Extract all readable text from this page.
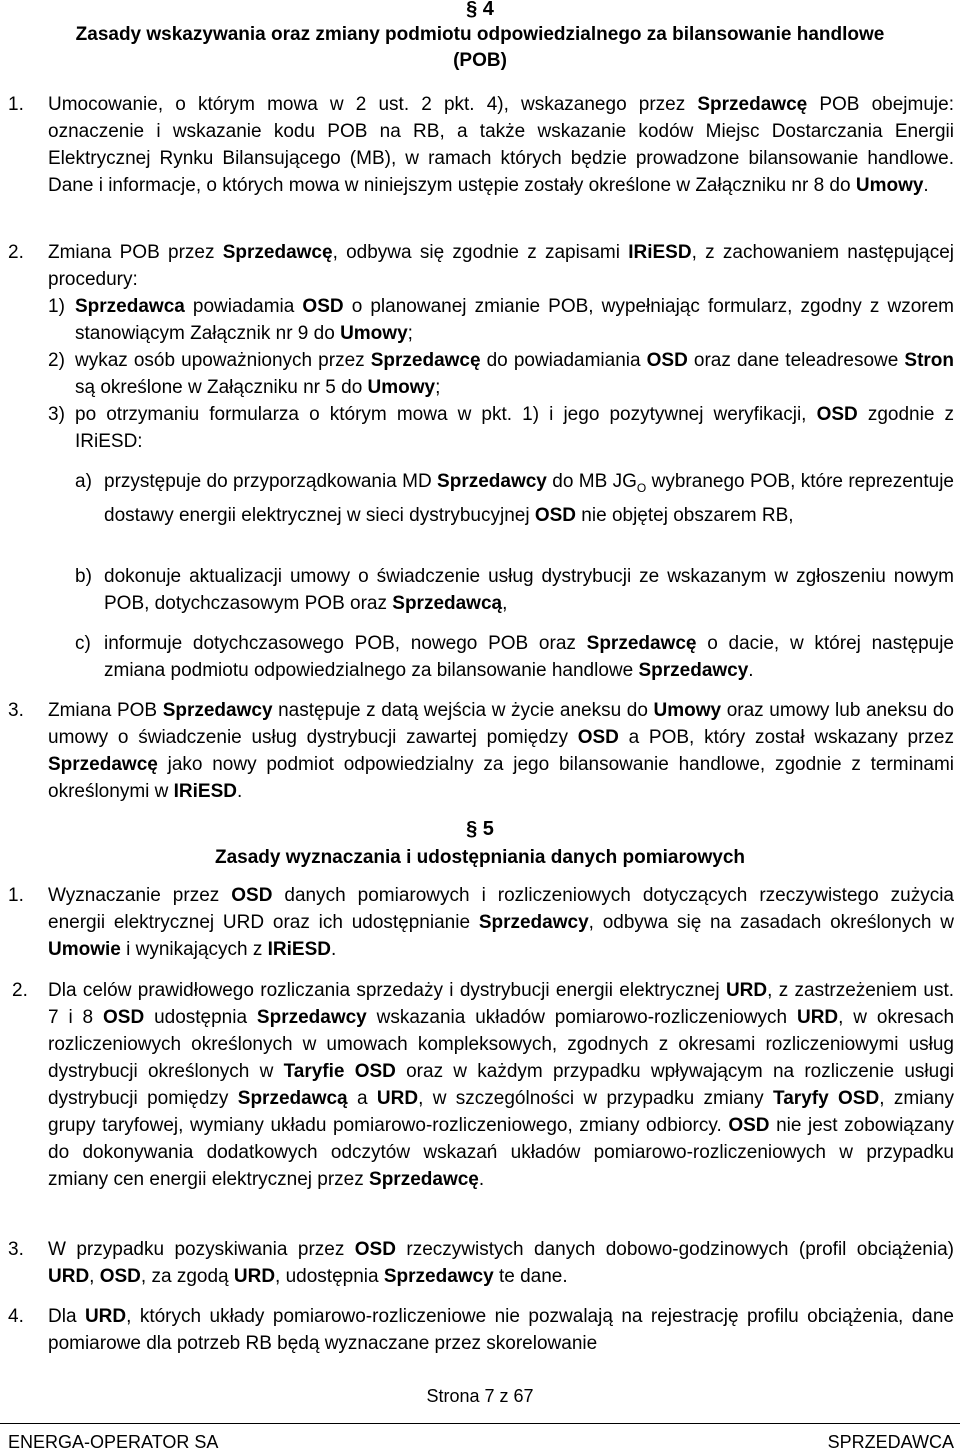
§ 4
Zasady wskazywania oraz zmiany podmiotu odpowiedzialnego za bilansowanie handlowe
(POB)
1. Umocowanie, o którym mowa w 2 ust. 2 pkt. 4), wskazanego przez Sprzedawcę POB obejmuje: oznaczenie i wskazanie kodu POB na RB, a także wskazanie kodów Miejsc Dostarczania Energii Elektrycznej Rynku Bilansującego (MB), w ramach których będzie prowadzone bilansowanie handlowe. Dane i informacje, o których mowa w niniejszym ustępie zostały określone w Załączniku nr 8 do Umowy.
2. Zmiana POB przez Sprzedawcę, odbywa się zgodnie z zapisami IRiESD, z zachowaniem następującej procedury:
1) Sprzedawca powiadamia OSD o planowanej zmianie POB, wypełniając formularz, zgodny z wzorem stanowiącym Załącznik nr 9 do Umowy;
2) wykaz osób upoważnionych przez Sprzedawcę do powiadamiania OSD oraz dane teleadresowe Stron są określone w Załączniku nr 5 do Umowy;
3) po otrzymaniu formularza o którym mowa w pkt. 1) i jego pozytywnej weryfikacji, OSD zgodnie z IRiESD:
a) przystępuje do przyporządkowania MD Sprzedawcy do MB $JG_O$ wybranego POB, które reprezentuje dostawy energii elektrycznej w sieci dystrybucyjnej OSD nie objętej obszarem RB,
b) dokonuje aktualizacji umowy o świadczenie usług dystrybucji ze wskazanym w zgłoszeniu nowym POB, dotychczasowym POB oraz Sprzedawcą,
c) informuje dotychczasowego POB, nowego POB oraz Sprzedawcę o dacie, w której następuje zmiana podmiotu odpowiedzialnego za bilansowanie handlowe Sprzedawcy.
3. Zmiana POB Sprzedawcy następuje z datą wejścia w życie aneksu do Umowy oraz umowy lub aneksu do umowy o świadczenie usług dystrybucji zawartej pomiędzy OSD a POB, który został wskazany przez Sprzedawcę jako nowy podmiot odpowiedzialny za jego bilansowanie handlowe, zgodnie z terminami określonymi w IRiESD.
§ 5
Zasady wyznaczania i udostępniania danych pomiarowych
1. Wyznaczanie przez OSD danych pomiarowych i rozliczeniowych dotyczących rzeczywistego zużycia energii elektrycznej URD oraz ich udostępnianie Sprzedawcy, odbywa się na zasadach określonych w Umowie i wynikających z IRiESD.
2. Dla celów prawidłowego rozliczania sprzedaży i dystrybucji energii elektrycznej URD, z zastrzeżeniem ust. 7 i 8 OSD udostępnia Sprzedawcy wskazania układów pomiarowo-rozliczeniowych URD, w okresach rozliczeniowych określonych w umowach kompleksowych, zgodnych z okresami rozliczeniowymi usług dystrybucji określonych w Taryfie OSD oraz w każdym przypadku wpływającym na rozliczenie usługi dystrybucji pomiędzy Sprzedawcą a URD, w szczególności w przypadku zmiany Taryfy OSD, zmiany grupy taryfowej, wymiany układu pomiarowo-rozliczeniowego, zmiany odbiorcy. OSD nie jest zobowiązany do dokonywania dodatkowych odczytów wskazań układów pomiarowo-rozliczeniowych w przypadku zmiany cen energii elektrycznej przez Sprzedawcę.
3. W przypadku pozyskiwania przez OSD rzeczywistych danych dobowo-godzinowych (profil obciążenia) URD, OSD, za zgodą URD, udostępnia Sprzedawcy te dane.
4. Dla URD, których układy pomiarowo-rozliczeniowe nie pozwalają na rejestrację profilu obciążenia, dane pomiarowe dla potrzeb RB będą wyznaczane przez skorelowanie
Strona 7 z 67
ENERGA-OPERATOR SA	SPRZEDAWCA
